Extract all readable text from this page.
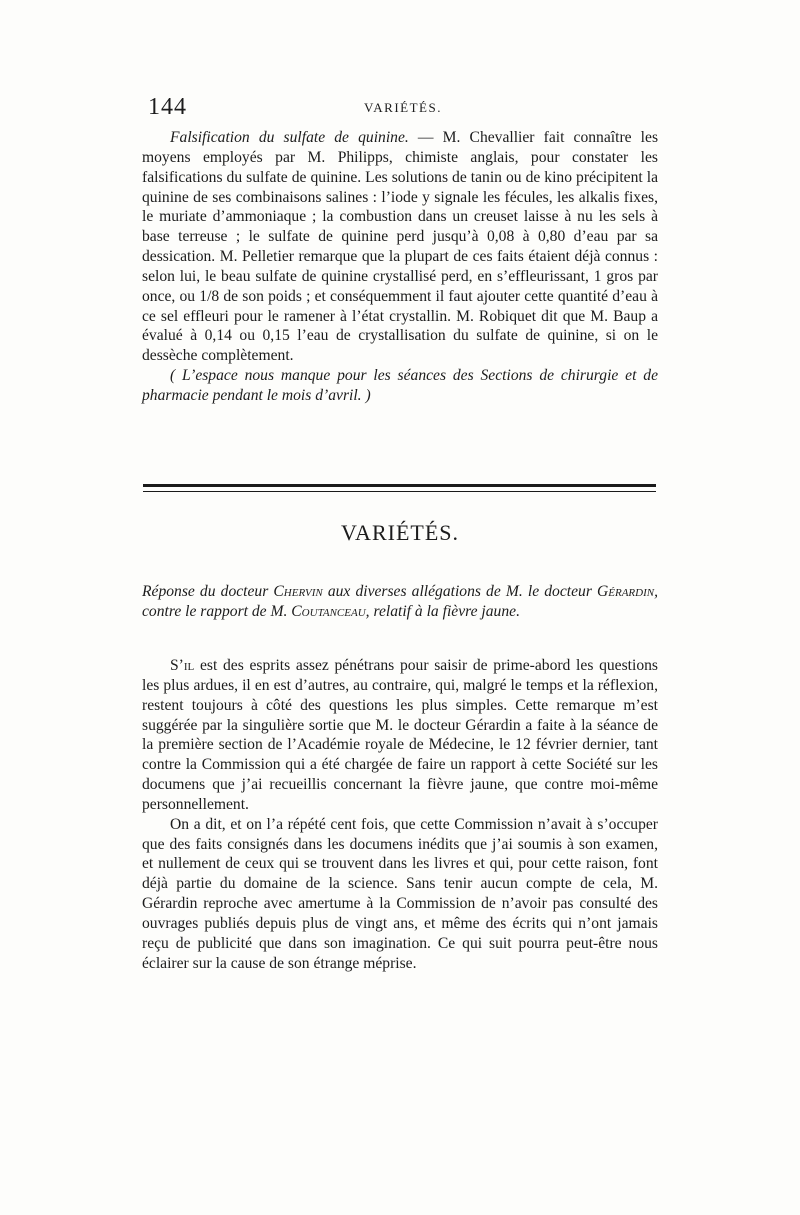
144	VARIÉTÉS.

Falsification du sulfate de quinine. — M. Chevallier fait connaître les moyens employés par M. Philipps, chimiste anglais, pour constater les falsifications du sulfate de quinine. Les solutions de tanin ou de kino précipitent la quinine de ses combinaisons salines : l’iode y signale les fécules, les alkalis fixes, le muriate d’ammoniaque ; la combustion dans un creuset laisse à nu les sels à base terreuse ; le sulfate de quinine perd jusqu’à 0,08 à 0,80 d’eau par sa dessication. M. Pelletier remarque que la plupart de ces faits étaient déjà connus : selon lui, le beau sulfate de quinine crystallisé perd, en s’effleurissant, 1 gros par once, ou 1/8 de son poids ; et conséquemment il faut ajouter cette quantité d’eau à ce sel effleuri pour le ramener à l’état crystallin. M. Robiquet dit que M. Baup a évalué à 0,14 ou 0,15 l’eau de crystallisation du sulfate de quinine, si on le dessèche complètement.

( L’espace nous manque pour les séances des Sections de chirurgie et de pharmacie pendant le mois d’avril. )

VARIÉTÉS.
Réponse du docteur Chervin aux diverses allégations de M. le docteur Gérardin, contre le rapport de M. Coutanceau, relatif à la fièvre jaune.

S’il est des esprits assez pénétrans pour saisir de prime-abord les questions les plus ardues, il en est d’autres, au contraire, qui, malgré le temps et la réflexion, restent toujours à côté des questions les plus simples. Cette remarque m’est suggérée par la singulière sortie que M. le docteur Gérardin a faite à la séance de la première section de l’Académie royale de Médecine, le 12 février dernier, tant contre la Commission qui a été chargée de faire un rapport à cette Société sur les documens que j’ai recueillis concernant la fièvre jaune, que contre moi-même personnellement.

On a dit, et on l’a répété cent fois, que cette Commission n’avait à s’occuper que des faits consignés dans les documens inédits que j’ai soumis à son examen, et nullement de ceux qui se trouvent dans les livres et qui, pour cette raison, font déjà partie du domaine de la science. Sans tenir aucun compte de cela, M. Gérardin reproche avec amertume à la Commission de n’avoir pas consulté des ouvrages publiés depuis plus de vingt ans, et même des écrits qui n’ont jamais reçu de publicité que dans son imagination. Ce qui suit pourra peut-être nous éclairer sur la cause de son étrange méprise.
